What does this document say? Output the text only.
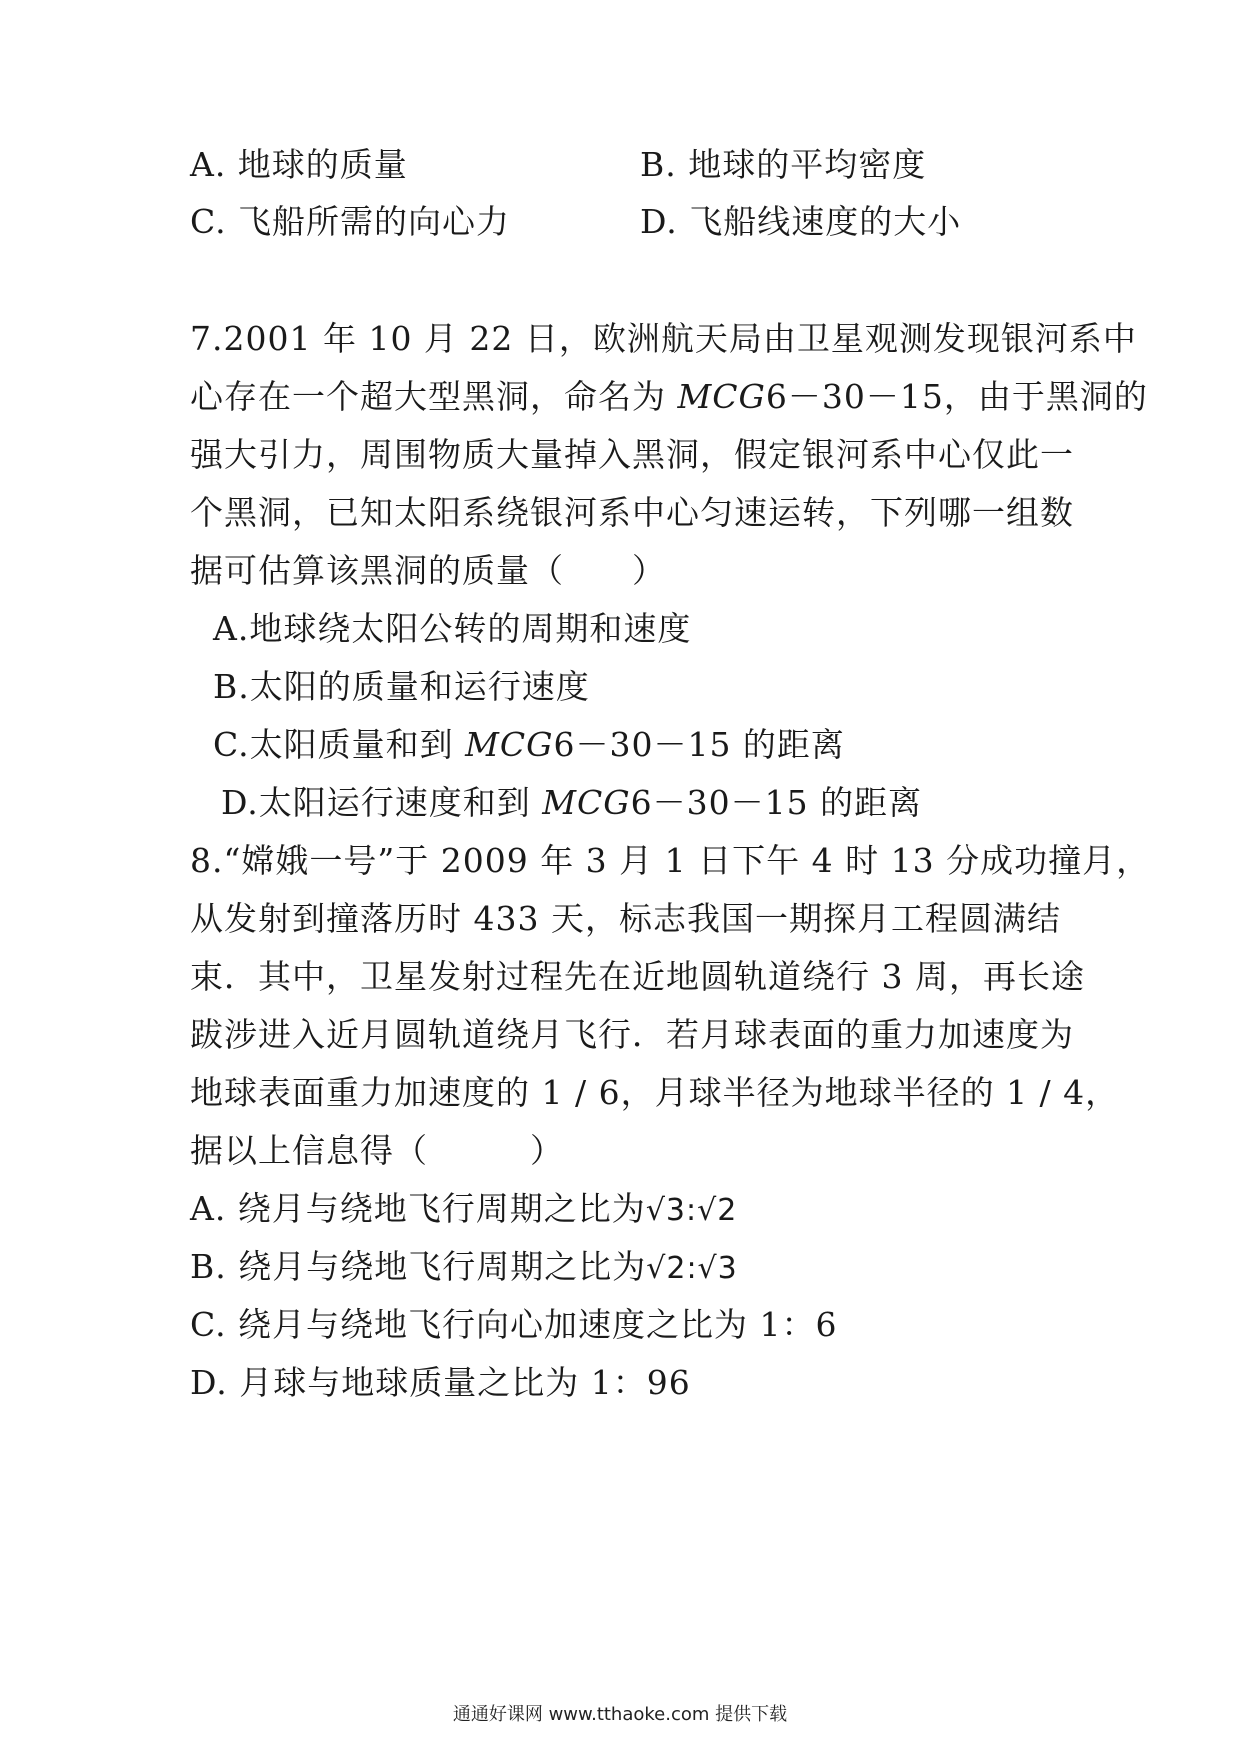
A. 地球的质量	B. 地球的平均密度
C. 飞船所需的向心力	D. 飞船线速度的大小
7.2001 年 10 月 22 日，欧洲航天局由卫星观测发现银河系中
心存在一个超大型黑洞，命名为 MCG6－30－15，由于黑洞的
强大引力，周围物质大量掉入黑洞，假定银河系中心仅此一
个黑洞，已知太阳系绕银河系中心匀速运转，下列哪一组数
据可估算该黑洞的质量（　　）
A.地球绕太阳公转的周期和速度
B.太阳的质量和运行速度
C.太阳质量和到 MCG6－30－15 的距离
D.太阳运行速度和到 MCG6－30－15 的距离
8.“嫦娥一号”于 2009 年 3 月 1 日下午 4 时 13 分成功撞月，
从发射到撞落历时 433 天，标志我国一期探月工程圆满结
束．其中，卫星发射过程先在近地圆轨道绕行 3 周，再长途
跋涉进入近月圆轨道绕月飞行．若月球表面的重力加速度为
地球表面重力加速度的 1 / 6，月球半径为地球半径的 1 / 4，
据以上信息得（　　　）
A. 绕月与绕地飞行周期之比为√3:√2
B. 绕月与绕地飞行周期之比为√2:√3
C. 绕月与绕地飞行向心加速度之比为 1：6
D. 月球与地球质量之比为 1：96
通通好课网 www.tthaoke.com 提供下载
